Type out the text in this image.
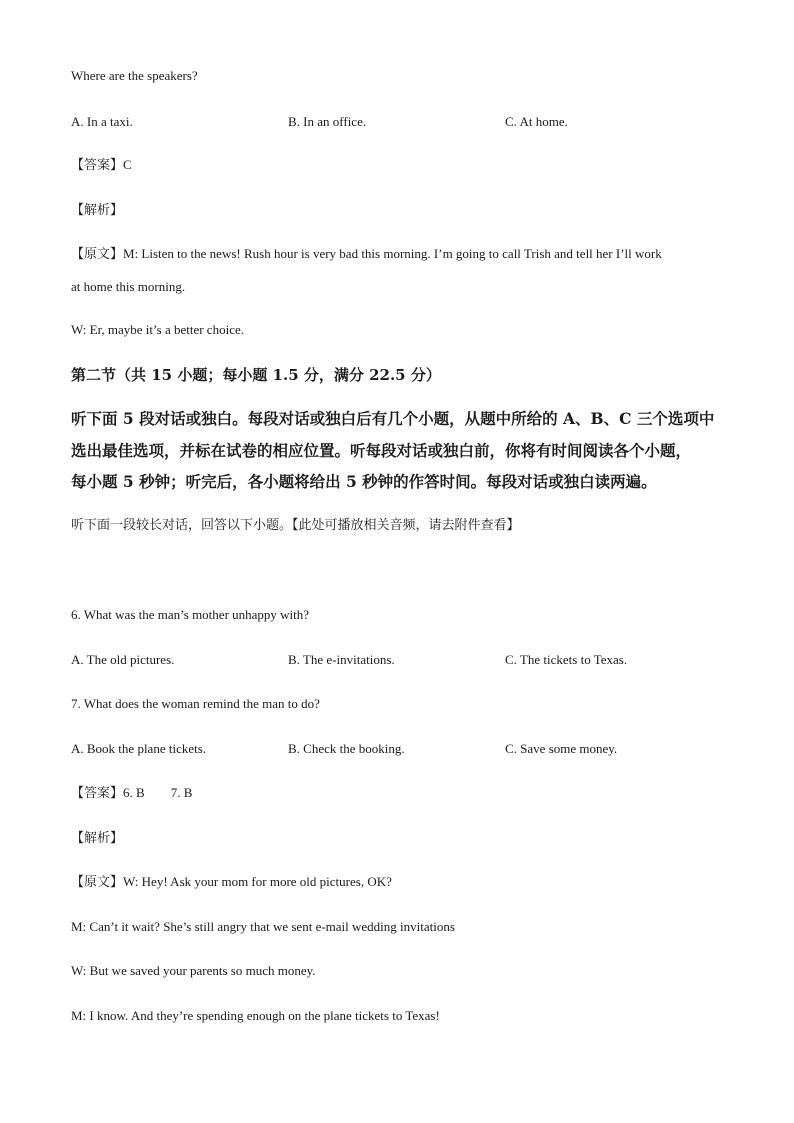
Where are the speakers?
A. In a taxi.	B. In an office.	C. At home.
【答案】C
【解析】
【原文】M: Listen to the news! Rush hour is very bad this morning. I’m going to call Trish and tell her I’ll work
at home this morning.
W: Er, maybe it’s a better choice.
第二节（共 15 小题；每小题 1.5 分，满分 22.5 分）
听下面 5 段对话或独白。每段对话或独白后有几个小题，从题中所给的 A、B、C 三个选项中
选出最佳选项，并标在试卷的相应位置。听每段对话或独白前，你将有时间阅读各个小题，
每小题 5 秒钟；听完后，各小题将给出 5 秒钟的作答时间。每段对话或独白读两遍。
听下面一段较长对话，回答以下小题。【此处可播放相关音频，请去附件查看】
6. What was the man’s mother unhappy with?
A. The old pictures.	B. The e-invitations.	C. The tickets to Texas.
7. What does the woman remind the man to do?
A. Book the plane tickets.	B. Check the booking.	C. Save some money.
【答案】6. B 7. B
【解析】
【原文】W: Hey! Ask your mom for more old pictures, OK?
M: Can’t it wait? She’s still angry that we sent e-mail wedding invitations
W: But we saved your parents so much money.
M: I know. And they’re spending enough on the plane tickets to Texas!
